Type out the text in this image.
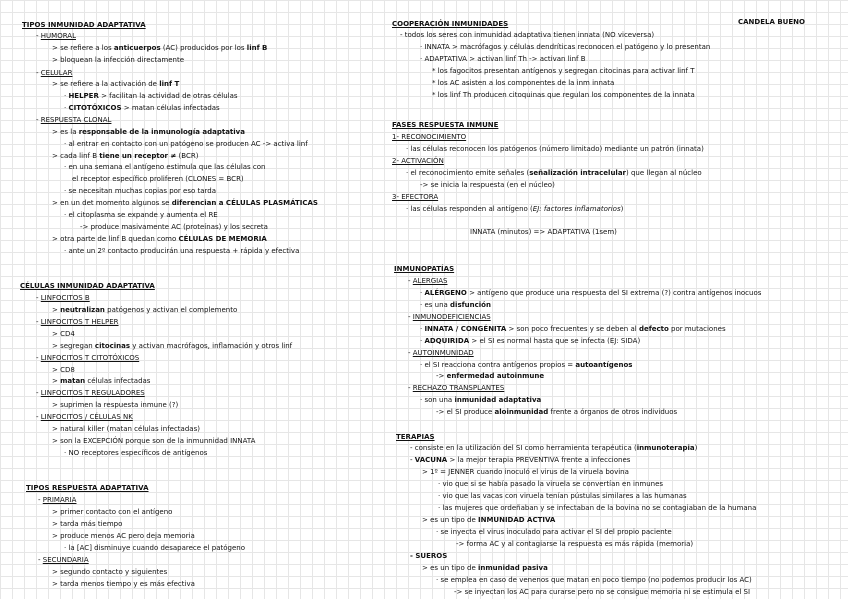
CANDELA BUENO
TIPOS INMUNIDAD ADAPTATIVA
- HUMORAL
> se refiere a los anticuerpos (AC) producidos por los linf B
> bloquean la infección directamente
- CELULAR
> se refiere a la activación de linf T
· HELPER > facilitan la actividad de otras células
· CITOTÓXICOS > matan células infectadas
- RESPUESTA CLONAL
> es la responsable de la inmunología adaptativa
· al entrar en contacto con un patógeno se producen AC -> activa linf
> cada linf B tiene un receptor ≠ (BCR)
· en una semana el antígeno estimula que las células con
el receptor específico proliferen (CLONES = BCR)
· se necesitan muchas copias por eso tarda
> en un det momento algunos se diferencian a CÉLULAS PLASMÁTICAS
· el citoplasma se expande y aumenta el RE
-> produce masivamente AC (proteínas) y los secreta
> otra parte de linf B quedan como CÉLULAS DE MEMORIA
· ante un 2º contacto producirán una respuesta + rápida y efectiva
CÉLULAS INMUNIDAD ADAPTATIVA
- LINFOCITOS B
> neutralizan patógenos y activan el complemento
- LINFOCITOS T HELPER
> CD4
> segregan citocinas y activan macrófagos, inflamación y otros linf
- LINFOCITOS T CITOTÓXICOS
> CD8
> matan células infectadas
- LINFOCITOS T REGULADORES
> suprimen la respuesta inmune (?)
- LINFOCITOS / CÉLULAS NK
> natural killer (matan células infectadas)
> son la EXCEPCIÓN porque son de la inmunnidad INNATA
· NO receptores específicos de antígenos
TIPOS RESPUESTA ADAPTATIVA
- PRIMARIA
> primer contacto con el antígeno
> tarda más tiempo
> produce menos AC pero deja memoria
· la [AC] disminuye cuando desaparece el patógeno
- SECUNDARIA
> segundo contacto y siguientes
> tarda menos tiempo y es más efectiva
COOPERACIÓN INMUNIDADES
- todos los seres con inmunidad adaptativa tienen innata (NO viceversa)
· INNATA > macrófagos y células dendríticas reconocen el patógeno y lo presentan
· ADAPTATIVA > activan linf Th -> activan linf B
* los fagocitos presentan antígenos y segregan citocinas para activar linf T
* los AC asisten a los componentes de la inm innata
* los linf Th producen citoquinas que regulan los componentes de la innata
FASES RESPUESTA INMUNE
1- RECONOCIMIENTO
· las células reconocen los patógenos (número limitado) mediante un patrón (innata)
2- ACTIVACIÓN
· el reconocimiento emite señales (señalización intracelular) que llegan al núcleo
-> se inicia la respuesta (en el núcleo)
3- EFECTORA
· las células responden al antígeno (EJ: factores inflamatorios)
INNATA (minutos) => ADAPTATIVA (1sem)
INMUNOPATÍAS
- ALERGIAS
· ALÉRGENO > antígeno que produce una respuesta del SI extrema (?) contra antígenos inocuos
· es una disfunción
- INMUNODEFICIENCIAS
· INNATA / CONGÉNITA > son poco frecuentes y se deben al defecto por mutaciones
· ADQUIRIDA > el SI es normal hasta que se infecta (EJ: SIDA)
- AUTOINMUNIDAD
· el SI reacciona contra antígenos propios = autoantígenos
-> enfermedad autoinmune
- RECHAZO TRANSPLANTES
· son una inmunidad adaptativa
-> el SI produce aloinmunidad frente a órganos de otros individuos
TERAPIAS
- consiste en la utilización del SI como herramienta terapéutica (inmunoterapia)
- VACUNA > la mejor terapia PREVENTIVA frente a infecciones
> 1º = JENNER cuando inoculó el virus de la viruela bovina
· vio que si se había pasado la viruela se convertían en inmunes
· vio que las vacas con viruela tenían pústulas similares a las humanas
· las mujeres que ordeñaban y se infectaban de la bovina no se contagiaban de la humana
> es un tipo de INMUNIDAD ACTIVA
· se inyecta el virus inoculado para activar el SI del propio paciente
-> forma AC y al contagiarse la respuesta es más rápida (memoria)
- SUEROS
> es un tipo de inmunidad pasiva
· se emplea en caso de venenos que matan en poco tiempo (no podemos producir los AC)
-> se inyectan los AC para curarse pero no se consigue memoria ni se estimula el SI
